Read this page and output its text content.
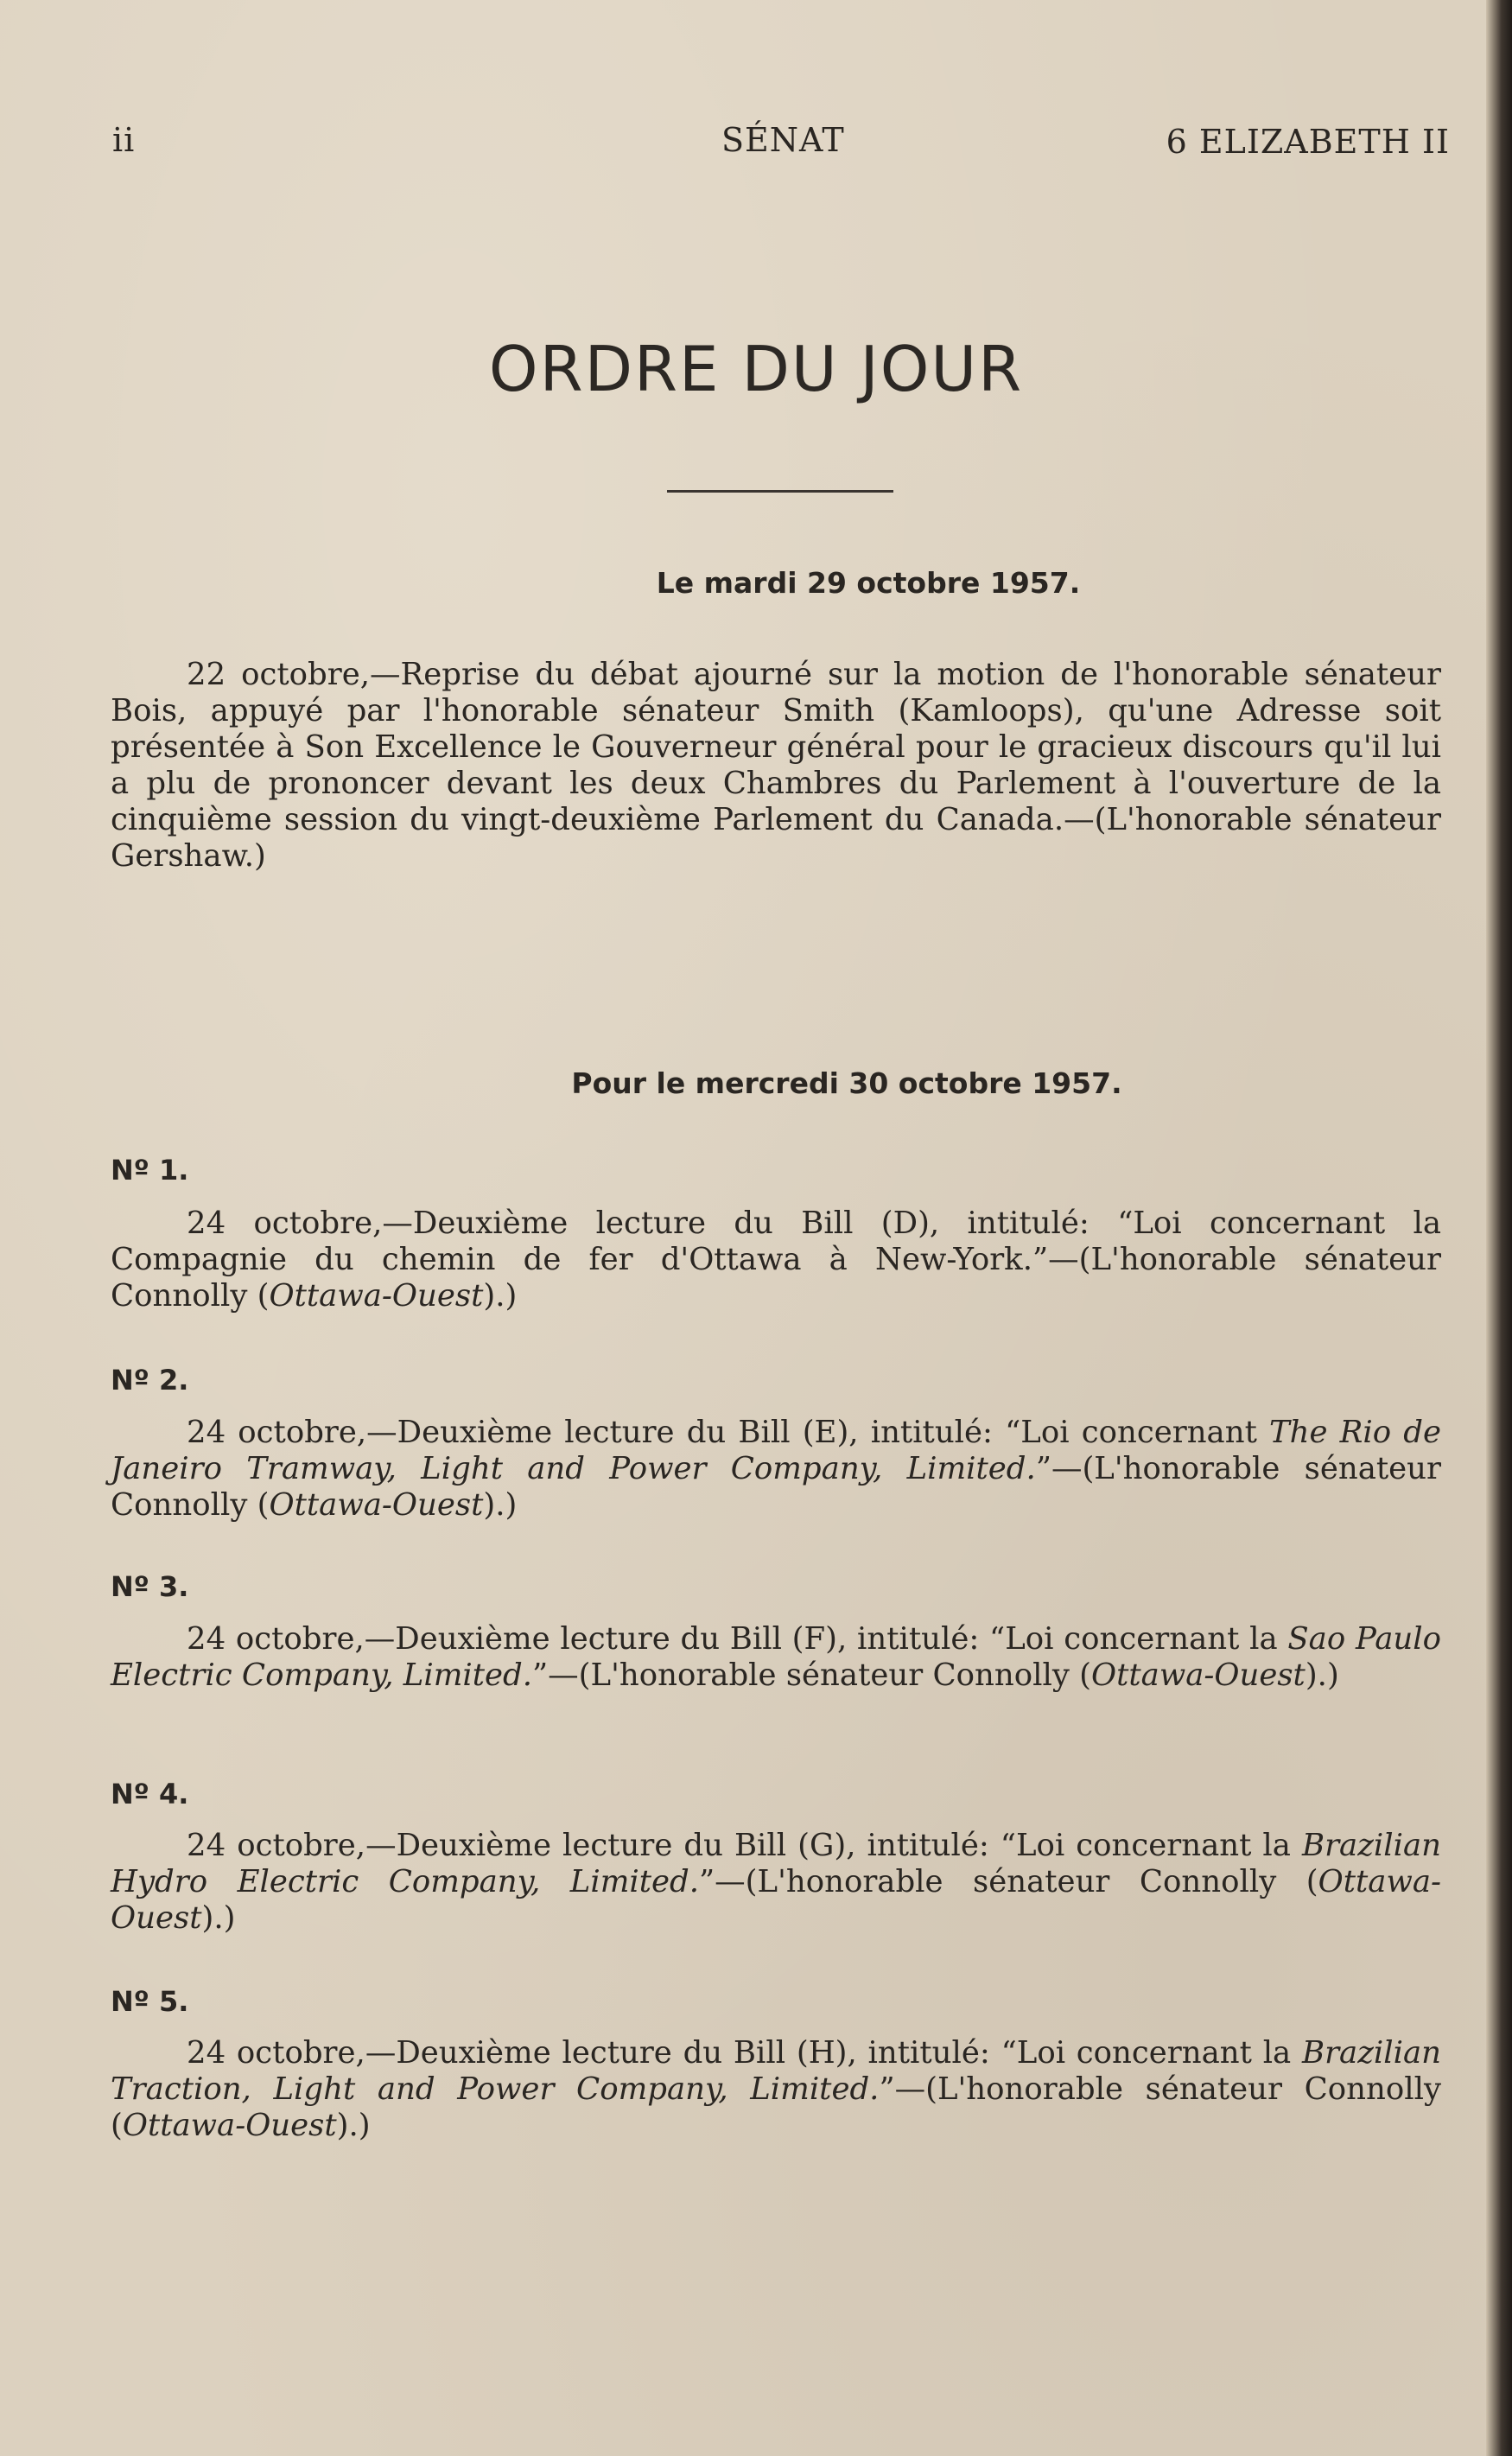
ii	SÉNAT	6 ELIZABETH II
ORDRE DU JOUR
Le mardi 29 octobre 1957.

22 octobre,—Reprise du débat ajourné sur la motion de l'honorable sénateur Bois, appuyé par l'honorable sénateur Smith (Kamloops), qu'une Adresse soit présentée à Son Excellence le Gouverneur général pour le gracieux discours qu'il lui a plu de prononcer devant les deux Chambres du Parlement à l'ouverture de la cinquième session du vingt-deuxième Parlement du Canada.—(L'honorable sénateur Gershaw.)

Pour le mercredi 30 octobre 1957.
Nº 1.

24 octobre,—Deuxième lecture du Bill (D), intitulé: “Loi concernant la Compagnie du chemin de fer d'Ottawa à New-York.”—(L'honorable sénateur Connolly (Ottawa-Ouest).)

Nº 2.

24 octobre,—Deuxième lecture du Bill (E), intitulé: “Loi concernant The Rio de Janeiro Tramway, Light and Power Company, Limited.”—(L'honorable sénateur Connolly (Ottawa-Ouest).)

Nº 3.

24 octobre,—Deuxième lecture du Bill (F), intitulé: “Loi concernant la Sao Paulo Electric Company, Limited.”—(L'honorable sénateur Connolly (Ottawa-Ouest).)

Nº 4.

24 octobre,—Deuxième lecture du Bill (G), intitulé: “Loi concernant la Brazilian Hydro Electric Company, Limited.”—(L'honorable sénateur Connolly (Ottawa-Ouest).)

Nº 5.

24 octobre,—Deuxième lecture du Bill (H), intitulé: “Loi concernant la Brazilian Traction, Light and Power Company, Limited.”—(L'honorable sénateur Connolly (Ottawa-Ouest).)
